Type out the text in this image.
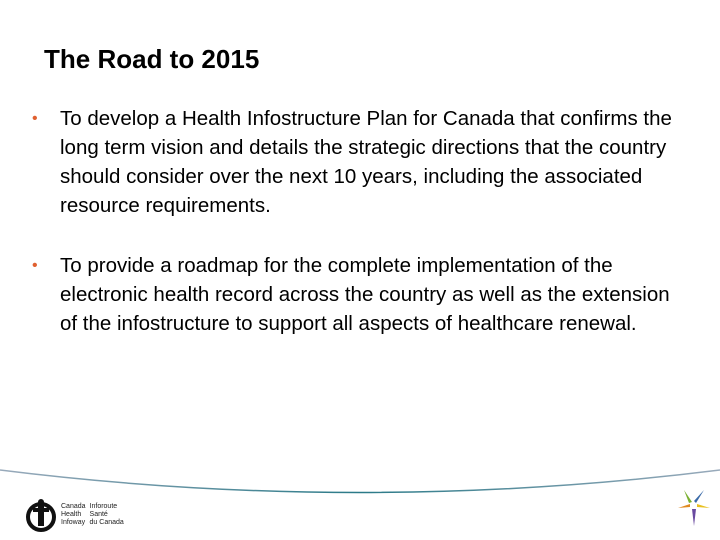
The Road to 2015
• To develop a Health Infostructure Plan for Canada that confirms the long term vision and details the strategic directions that the country should consider over the next 10 years, including the associated resource requirements.
• To provide a roadmap for the complete implementation of the electronic health record across the country as well as the extension of the infostructure to support all aspects of healthcare renewal.
Canada Inforoute
Health	Santé
Infoway du Canada
